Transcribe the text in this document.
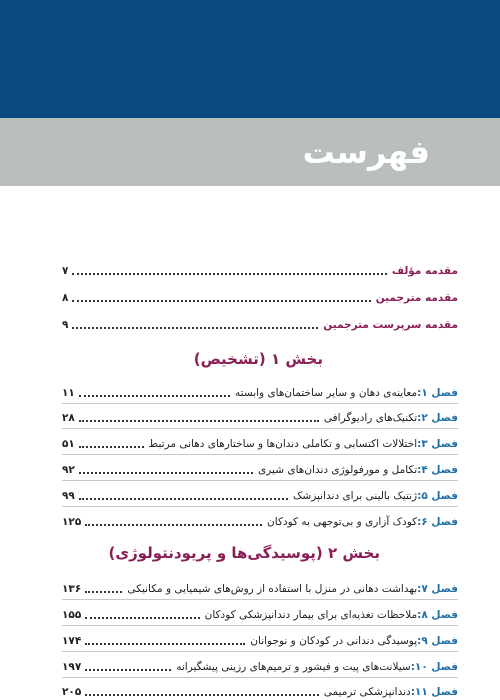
فهرست
مقدمه مؤلف
۷
مقدمه مترجمین
۸
مقدمه سرپرست مترجمین
۹
بخش ۱ (تشخیص)
فصل ۱:
معاینه‌ی دهان و سایر ساختمان‌های وابسته
۱۱
فصل ۲:
تکنیک‌های رادیوگرافی
۲۸
فصل ۳:
اختلالات اکتسابی و تکاملی دندان‌ها و ساختارهای دهانی مرتبط
۵۱
فصل ۴:
تکامل و مورفولوژی دندان‌های شیری
۹۲
فصل ۵:
ژنتیک بالینی برای دندانپزشک
۹۹
فصل ۶:
کودک آزاری و بی‌توجهی به کودکان
۱۲۵
بخش ۲ (پوسیدگی‌ها و پریودنتولوژی)
فصل ۷:
بهداشت دهانی در منزل با استفاده از روش‌های شیمیایی و مکانیکی
۱۳۶
فصل ۸:
ملاحظات تغذیه‌ای برای بیمار دندانپزشکی کودکان
۱۵۵
فصل ۹:
پوسیدگی دندانی در کودکان و نوجوانان
۱۷۴
فصل ۱۰:
سیلانت‌های پیت و فیشور و ترمیم‌های رزینی پیشگیرانه
۱۹۷
فصل ۱۱:
دندانپزشکی ترمیمی
۲۰۵
